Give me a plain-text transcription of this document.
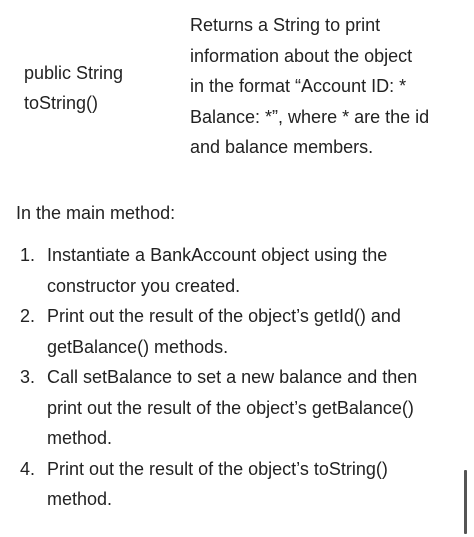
public String
toString()
Returns a String to print
information about the object
in the format “Account ID: *
Balance: *”, where * are the id
and balance members.
In the main method:
1. Instantiate a BankAccount object using the
constructor you created.
2. Print out the result of the object’s getId() and
getBalance() methods.
3. Call setBalance to set a new balance and then
print out the result of the object’s getBalance()
method.
4. Print out the result of the object’s toString()
method.
